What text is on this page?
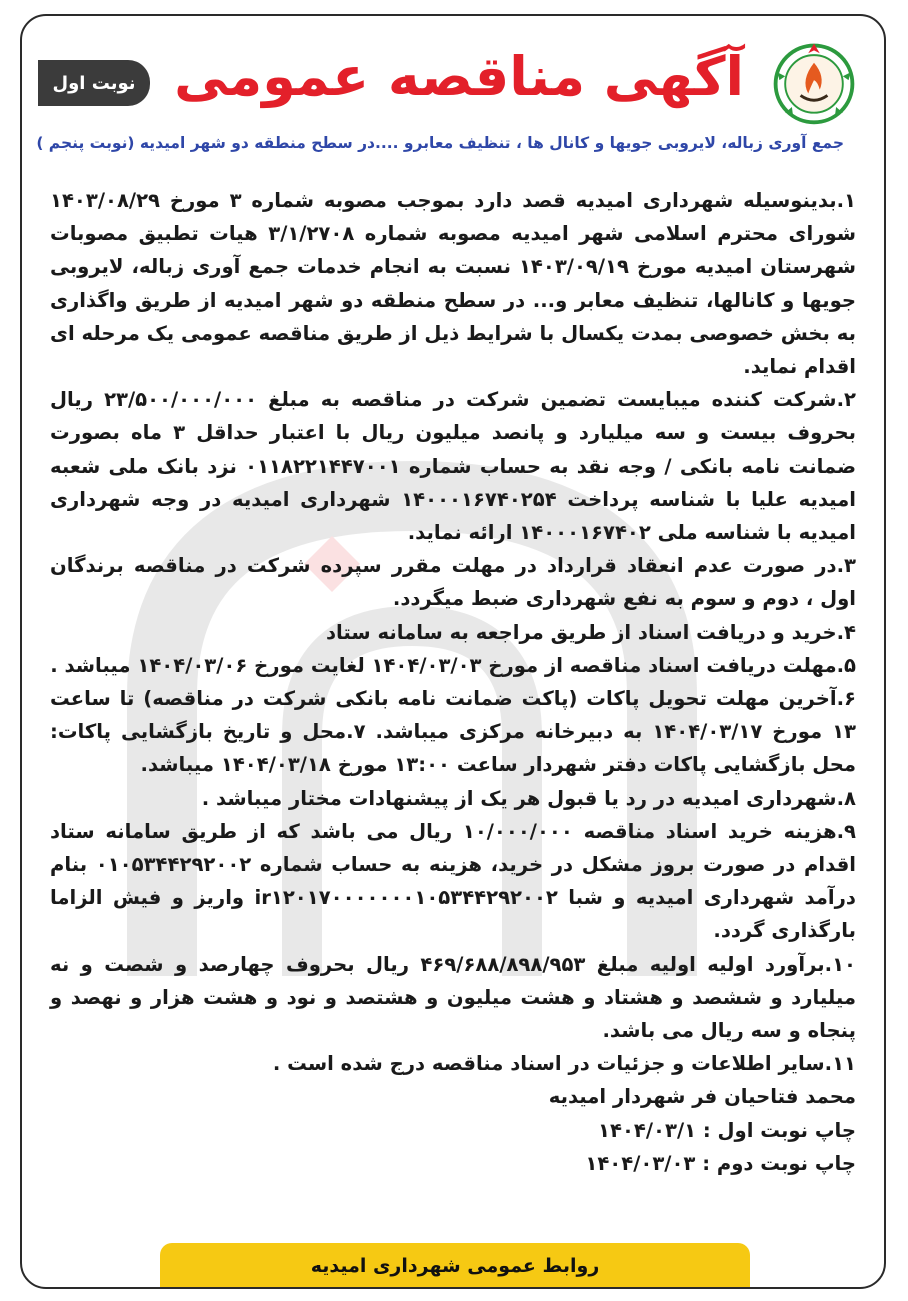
آگهی مناقصه عمومی
نوبت اول
جمع آوری زباله، لایروبی جویها و کانال ها ، تنظیف معابرو ....در سطح منطقه دو شهر امیدیه (نوبت پنجم )

۱.بدینوسیله شهرداری امیدیه قصد دارد بموجب مصوبه شماره ۳ مورخ ۱۴۰۳/۰۸/۲۹ شورای محترم اسلامی شهر امیدیه مصوبه شماره ۳/۱/۲۷۰۸ هیات تطبیق مصوبات شهرستان امیدیه مورخ ۱۴۰۳/۰۹/۱۹ نسبت به انجام خدمات جمع آوری زباله، لایروبی جویها و کانالها، تنظیف معابر و... در سطح منطقه دو شهر امیدیه از طریق واگذاری به بخش خصوصی بمدت یکسال با شرایط ذیل از طریق مناقصه عمومی یک مرحله ای اقدام نماید.

۲.شرکت کننده میبایست تضمین شرکت در مناقصه به مبلغ ۲۳/۵۰۰/۰۰۰/۰۰۰ ریال بحروف بیست و سه میلیارد و پانصد میلیون ریال با اعتبار حداقل ۳ ماه بصورت ضمانت نامه بانکی / وجه نقد به حساب شماره ۰۱۱۸۲۲۱۴۴۷۰۰۱ نزد بانک ملی شعبه امیدیه علیا با شناسه پرداخت ۱۴۰۰۰۱۶۷۴۰۲۵۴ شهرداری امیدیه در وجه شهرداری امیدیه با شناسه ملی ۱۴۰۰۰۱۶۷۴۰۲ ارائه نماید.

۳.در صورت عدم انعقاد قرارداد در مهلت مقرر سپرده شرکت در مناقصه برندگان اول ، دوم و سوم به نفع شهرداری ضبط میگردد.

۴.خرید و دریافت اسناد از طریق مراجعه به سامانه ستاد

۵.مهلت دریافت اسناد مناقصه از مورخ ۱۴۰۴/۰۳/۰۳ لغایت مورخ ۱۴۰۴/۰۳/۰۶ میباشد .

۶.آخرین مهلت تحویل پاکات (پاکت ضمانت نامه بانکی شرکت در مناقصه) تا ساعت ۱۳ مورخ ۱۴۰۴/۰۳/۱۷ به دبیرخانه مرکزی میباشد. ۷.محل و تاریخ بازگشایی پاکات: محل بازگشایی پاکات دفتر شهردار ساعت ۱۳:۰۰ مورخ ۱۴۰۴/۰۳/۱۸ میباشد.

۸.شهرداری امیدیه در رد یا قبول هر یک از پیشنهادات مختار میباشد .

۹.هزینه خرید اسناد مناقصه ۱۰/۰۰۰/۰۰۰ ریال می باشد که از طریق سامانه ستاد اقدام در صورت بروز مشکل در خرید، هزینه به حساب شماره ۰۱۰۵۳۴۴۲۹۲۰۰۲ بنام درآمد شهرداری امیدیه و شبا ir۱۲۰۱۷۰۰۰۰۰۰۰۱۰۵۳۴۴۲۹۲۰۰۲ واریز و فیش الزاما بارگذاری گردد.

۱۰.برآورد اولیه اولیه مبلغ ۴۶۹/۶۸۸/۸۹۸/۹۵۳ ریال بحروف چهارصد و شصت و نه میلیارد و ششصد و هشتاد و هشت میلیون و هشتصد و نود و هشت هزار و نهصد و پنجاه و سه ریال می باشد.

۱۱.سایر اطلاعات و جزئیات در اسناد مناقصه درج شده است .

محمد فتاحیان فر شهردار امیدیه

چاپ نوبت اول : ۱۴۰۴/۰۳/۱

چاپ نوبت دوم : ۱۴۰۴/۰۳/۰۳

روابط عمومی شهرداری امیدیه
